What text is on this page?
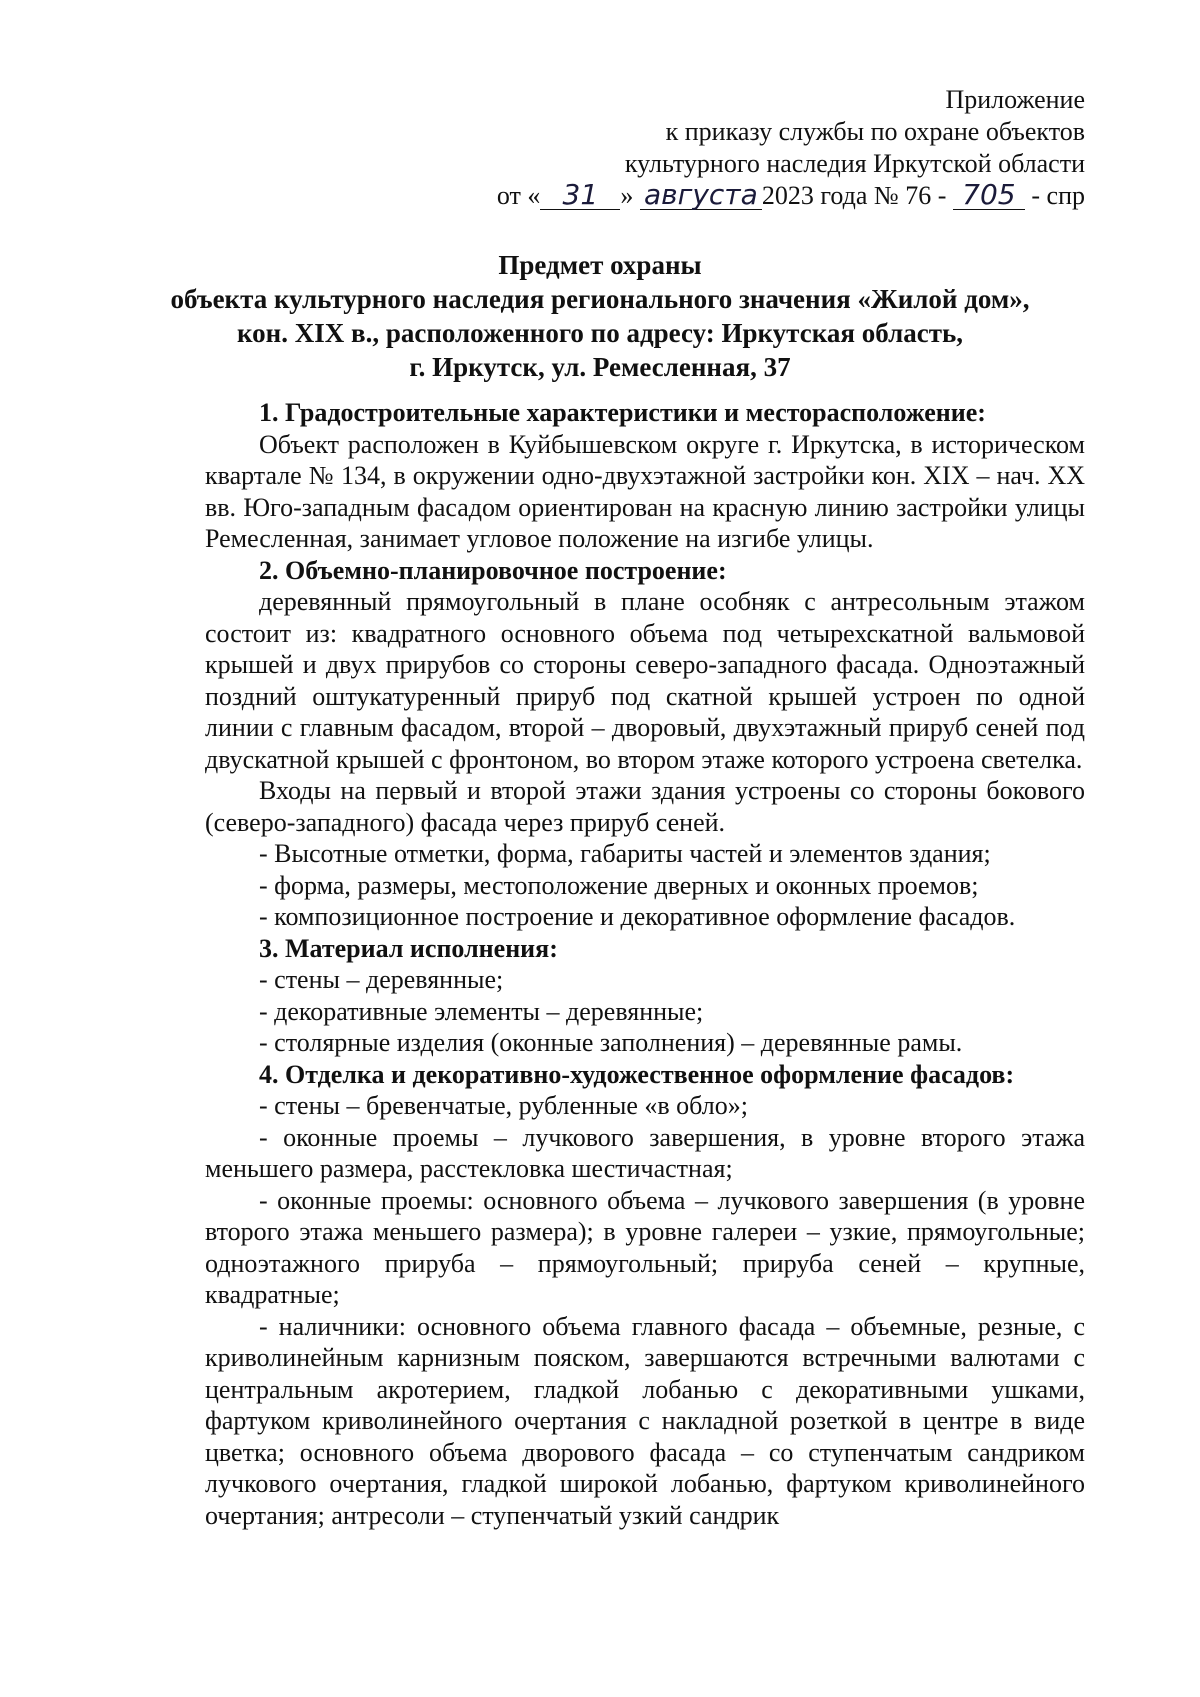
Приложение
к приказу службы по охране объектов
культурного наследия Иркутской области
от « 31 » августа 2023 года № 76 - 705 - спр
Предмет охраны
объекта культурного наследия регионального значения «Жилой дом»,
кон. XIX в., расположенного по адресу: Иркутская область,
г. Иркутск, ул. Ремесленная, 37

1. Градостроительные характеристики и месторасположение:

Объект расположен в Куйбышевском округе г. Иркутска, в историческом квартале № 134, в окружении одно-двухэтажной застройки кон. XIX – нач. XX вв. Юго-западным фасадом ориентирован на красную линию застройки улицы Ремесленная, занимает угловое положение на изгибе улицы.

2. Объемно-планировочное построение:

деревянный прямоугольный в плане особняк с антресольным этажом состоит из: квадратного основного объема под четырехскатной вальмовой крышей и двух прирубов со стороны северо-западного фасада. Одноэтажный поздний оштукатуренный прируб под скатной крышей устроен по одной линии с главным фасадом, второй – дворовый, двухэтажный прируб сеней под двускатной крышей с фронтоном, во втором этаже которого устроена светелка.

Входы на первый и второй этажи здания устроены со стороны бокового (северо-западного) фасада через прируб сеней.

- Высотные отметки, форма, габариты частей и элементов здания;

- форма, размеры, местоположение дверных и оконных проемов;

- композиционное построение и декоративное оформление фасадов.

3. Материал исполнения:

- стены – деревянные;

- декоративные элементы – деревянные;

- столярные изделия (оконные заполнения) – деревянные рамы.

4. Отделка и декоративно-художественное оформление фасадов:

- стены – бревенчатые, рубленные «в обло»;

- оконные проемы – лучкового завершения, в уровне второго этажа меньшего размера, расстекловка шестичастная;

- оконные проемы: основного объема – лучкового завершения (в уровне второго этажа меньшего размера); в уровне галереи – узкие, прямоугольные; одноэтажного прируба – прямоугольный; прируба сеней – крупные, квадратные;

- наличники: основного объема главного фасада – объемные, резные, с криволинейным карнизным пояском, завершаются встречными валютами с центральным акротерием, гладкой лобанью с декоративными ушками, фартуком криволинейного очертания с накладной розеткой в центре в виде цветка; основного объема дворового фасада – со ступенчатым сандриком лучкового очертания, гладкой широкой лобанью, фартуком криволинейного очертания; антресоли – ступенчатый узкий сандрик
